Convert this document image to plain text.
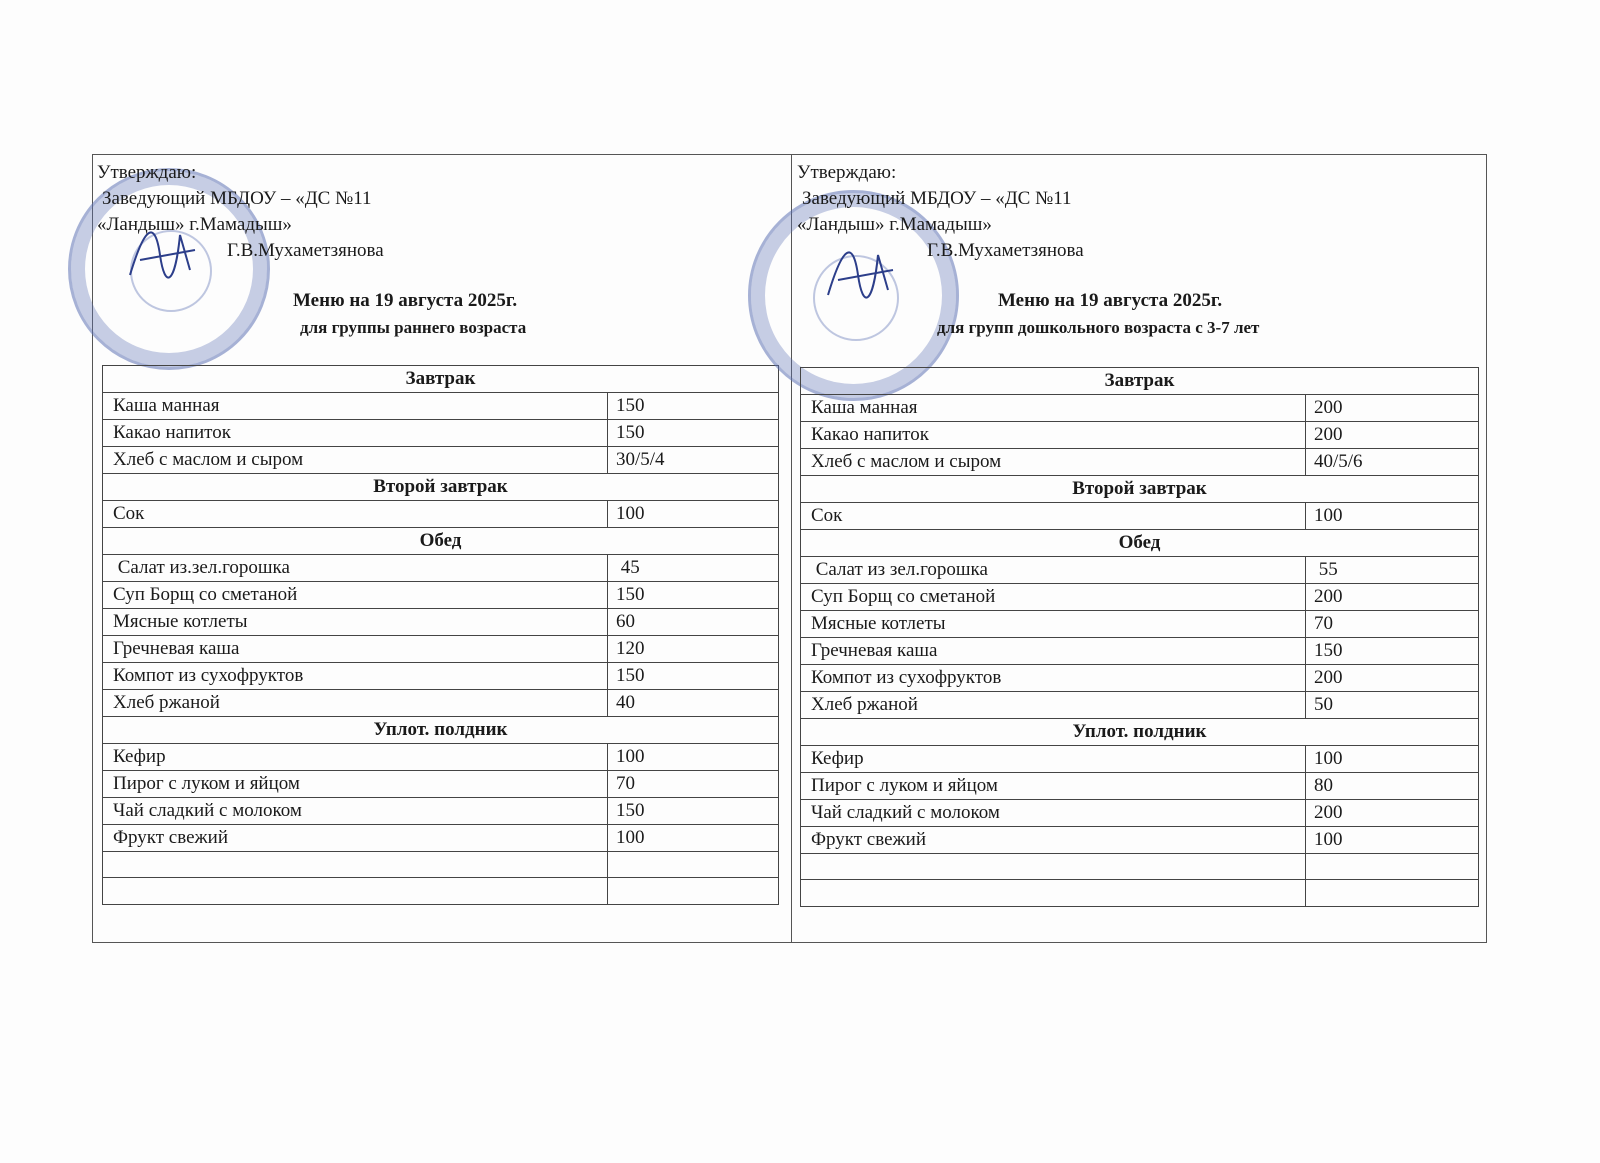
Утверждаю:
Заведующий МБДОУ – «ДС №11
«Ландыш» г.Мамадыш»
Г.В.Мухаметзянова
Меню на 19 августа 2025г.
для группы раннего возраста
Завтрак	
Каша манная	150
Какао напиток	150
Хлеб с маслом и сыром	30/5/4
Второй завтрак	
Сок	100
Обед	
Салат из.зел.горошка	45
Суп Борщ со сметаной	150
Мясные котлеты	60
Гречневая каша	120
Компот из сухофруктов	150
Хлеб ржаной	40
Уплот. полдник	
Кефир	100
Пирог с луком и яйцом	70
Чай сладкий с молоком	150
Фрукт свежий	100

Утверждаю:
Заведующий МБДОУ – «ДС №11
«Ландыш» г.Мамадыш»
Г.В.Мухаметзянова
Меню на 19 августа 2025г.
для групп дошкольного возраста с 3-7 лет
Завтрак	
Каша манная	200
Какао напиток	200
Хлеб с маслом и сыром	40/5/6
Второй завтрак	
Сок	100
Обед	
Салат из зел.горошка	55
Суп Борщ со сметаной	200
Мясные котлеты	70
Гречневая каша	150
Компот из сухофруктов	200
Хлеб ржаной	50
Уплот. полдник	
Кефир	100
Пирог с луком и яйцом	80
Чай сладкий с молоком	200
Фрукт свежий	100
